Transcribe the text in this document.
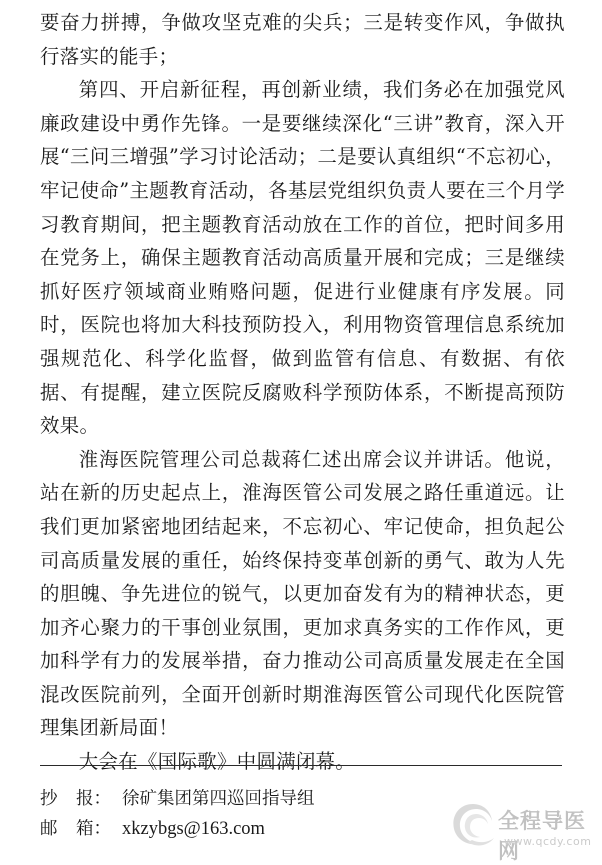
要奋力拼搏，争做攻坚克难的尖兵；三是转变作风，争做执行落实的能手；

第四、开启新征程，再创新业绩，我们务必在加强党风廉政建设中勇作先锋。一是要继续深化“三讲”教育，深入开展“三问三增强”学习讨论活动；二是要认真组织“不忘初心，牢记使命”主题教育活动，各基层党组织负责人要在三个月学习教育期间，把主题教育活动放在工作的首位，把时间多用在党务上，确保主题教育活动高质量开展和完成；三是继续抓好医疗领域商业贿赂问题，促进行业健康有序发展。同时，医院也将加大科技预防投入，利用物资管理信息系统加强规范化、科学化监督，做到监管有信息、有数据、有依据、有提醒，建立医院反腐败科学预防体系，不断提高预防效果。

淮海医院管理公司总裁蒋仁述出席会议并讲话。他说，站在新的历史起点上，淮海医管公司发展之路任重道远。让我们更加紧密地团结起来，不忘初心、牢记使命，担负起公司高质量发展的重任，始终保持变革创新的勇气、敢为人先的胆魄、争先进位的锐气，以更加奋发有为的精神状态，更加齐心聚力的干事创业氛围，更加求真务实的工作作风，更加科学有力的发展举措，奋力推动公司高质量发展走在全国混改医院前列，全面开创新时期淮海医管公司现代化医院管理集团新局面！

大会在《国际歌》中圆满闭幕。

抄 报： 徐矿集团第四巡回指导组
邮 箱： xkzybgs@163.com	全程导医网
www.qcdy.com
